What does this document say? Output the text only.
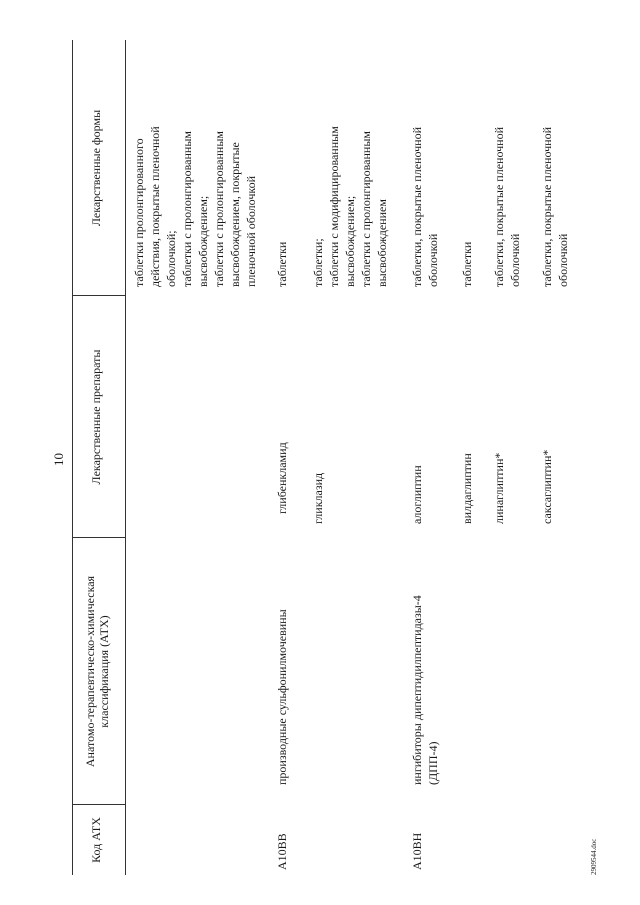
10
Код АТХ
Анатомо-терапевтическо-химическая классификация (АТХ)
Лекарственные препараты
Лекарственные формы таблетки пролонгированного действия, покрытые пленочной оболочкой; таблетки с пролонгированным высвобождением; таблетки с пролонгированным высвобождением, покрытые пленочной оболочкой
A10BB
производные сульфонилмочевины
глибенкламид
таблетки
гликлазид
таблетки; таблетки с модифицированным высвобождением; таблетки с пролонгированным высвобождением
A10BH
ингибиторы дипептидилпептидазы-4 (ДПП-4)
алоглиптин
таблетки, покрытые пленочной оболочкой
вилдаглиптин
таблетки
линаглиптин*
таблетки, покрытые пленочной оболочкой
саксаглиптин*
таблетки, покрытые пленочной оболочкой
2909544.doc
